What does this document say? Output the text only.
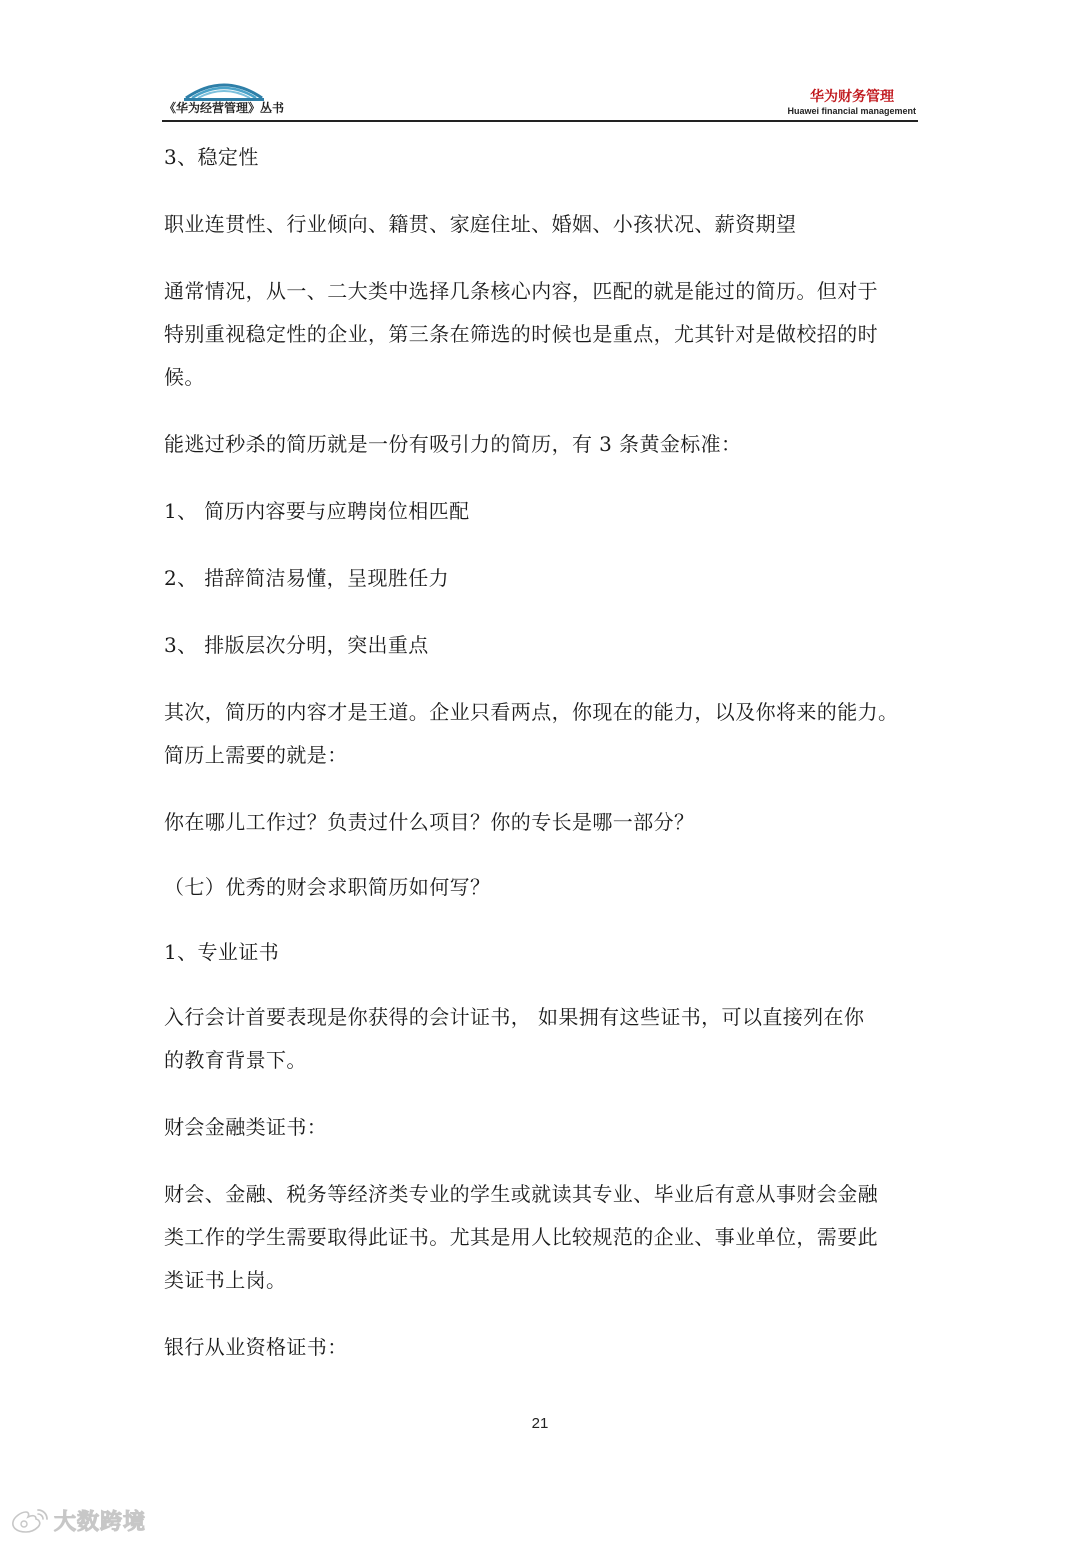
《华为经营管理》丛书
华为财务管理
Huawei financial management

3、稳定性

职业连贯性、行业倾向、籍贯、家庭住址、婚姻、小孩状况、薪资期望

通常情况，从一、二大类中选择几条核心内容，匹配的就是能过的简历。但对于
特别重视稳定性的企业，第三条在筛选的时候也是重点，尤其针对是做校招的时
候。

能逃过秒杀的简历就是一份有吸引力的简历，有 3 条黄金标准：

1、 简历内容要与应聘岗位相匹配

2、 措辞简洁易懂，呈现胜任力

3、 排版层次分明，突出重点

其次，简历的内容才是王道。企业只看两点，你现在的能力，以及你将来的能力。
简历上需要的就是：

你在哪儿工作过？负责过什么项目？你的专长是哪一部分？

（七）优秀的财会求职简历如何写？

1、专业证书

入行会计首要表现是你获得的会计证书， 如果拥有这些证书，可以直接列在你
的教育背景下。

财会金融类证书：

财会、金融、税务等经济类专业的学生或就读其专业、毕业后有意从事财会金融
类工作的学生需要取得此证书。尤其是用人比较规范的企业、事业单位，需要此
类证书上岗。

银行从业资格证书：

21
大数跨境
